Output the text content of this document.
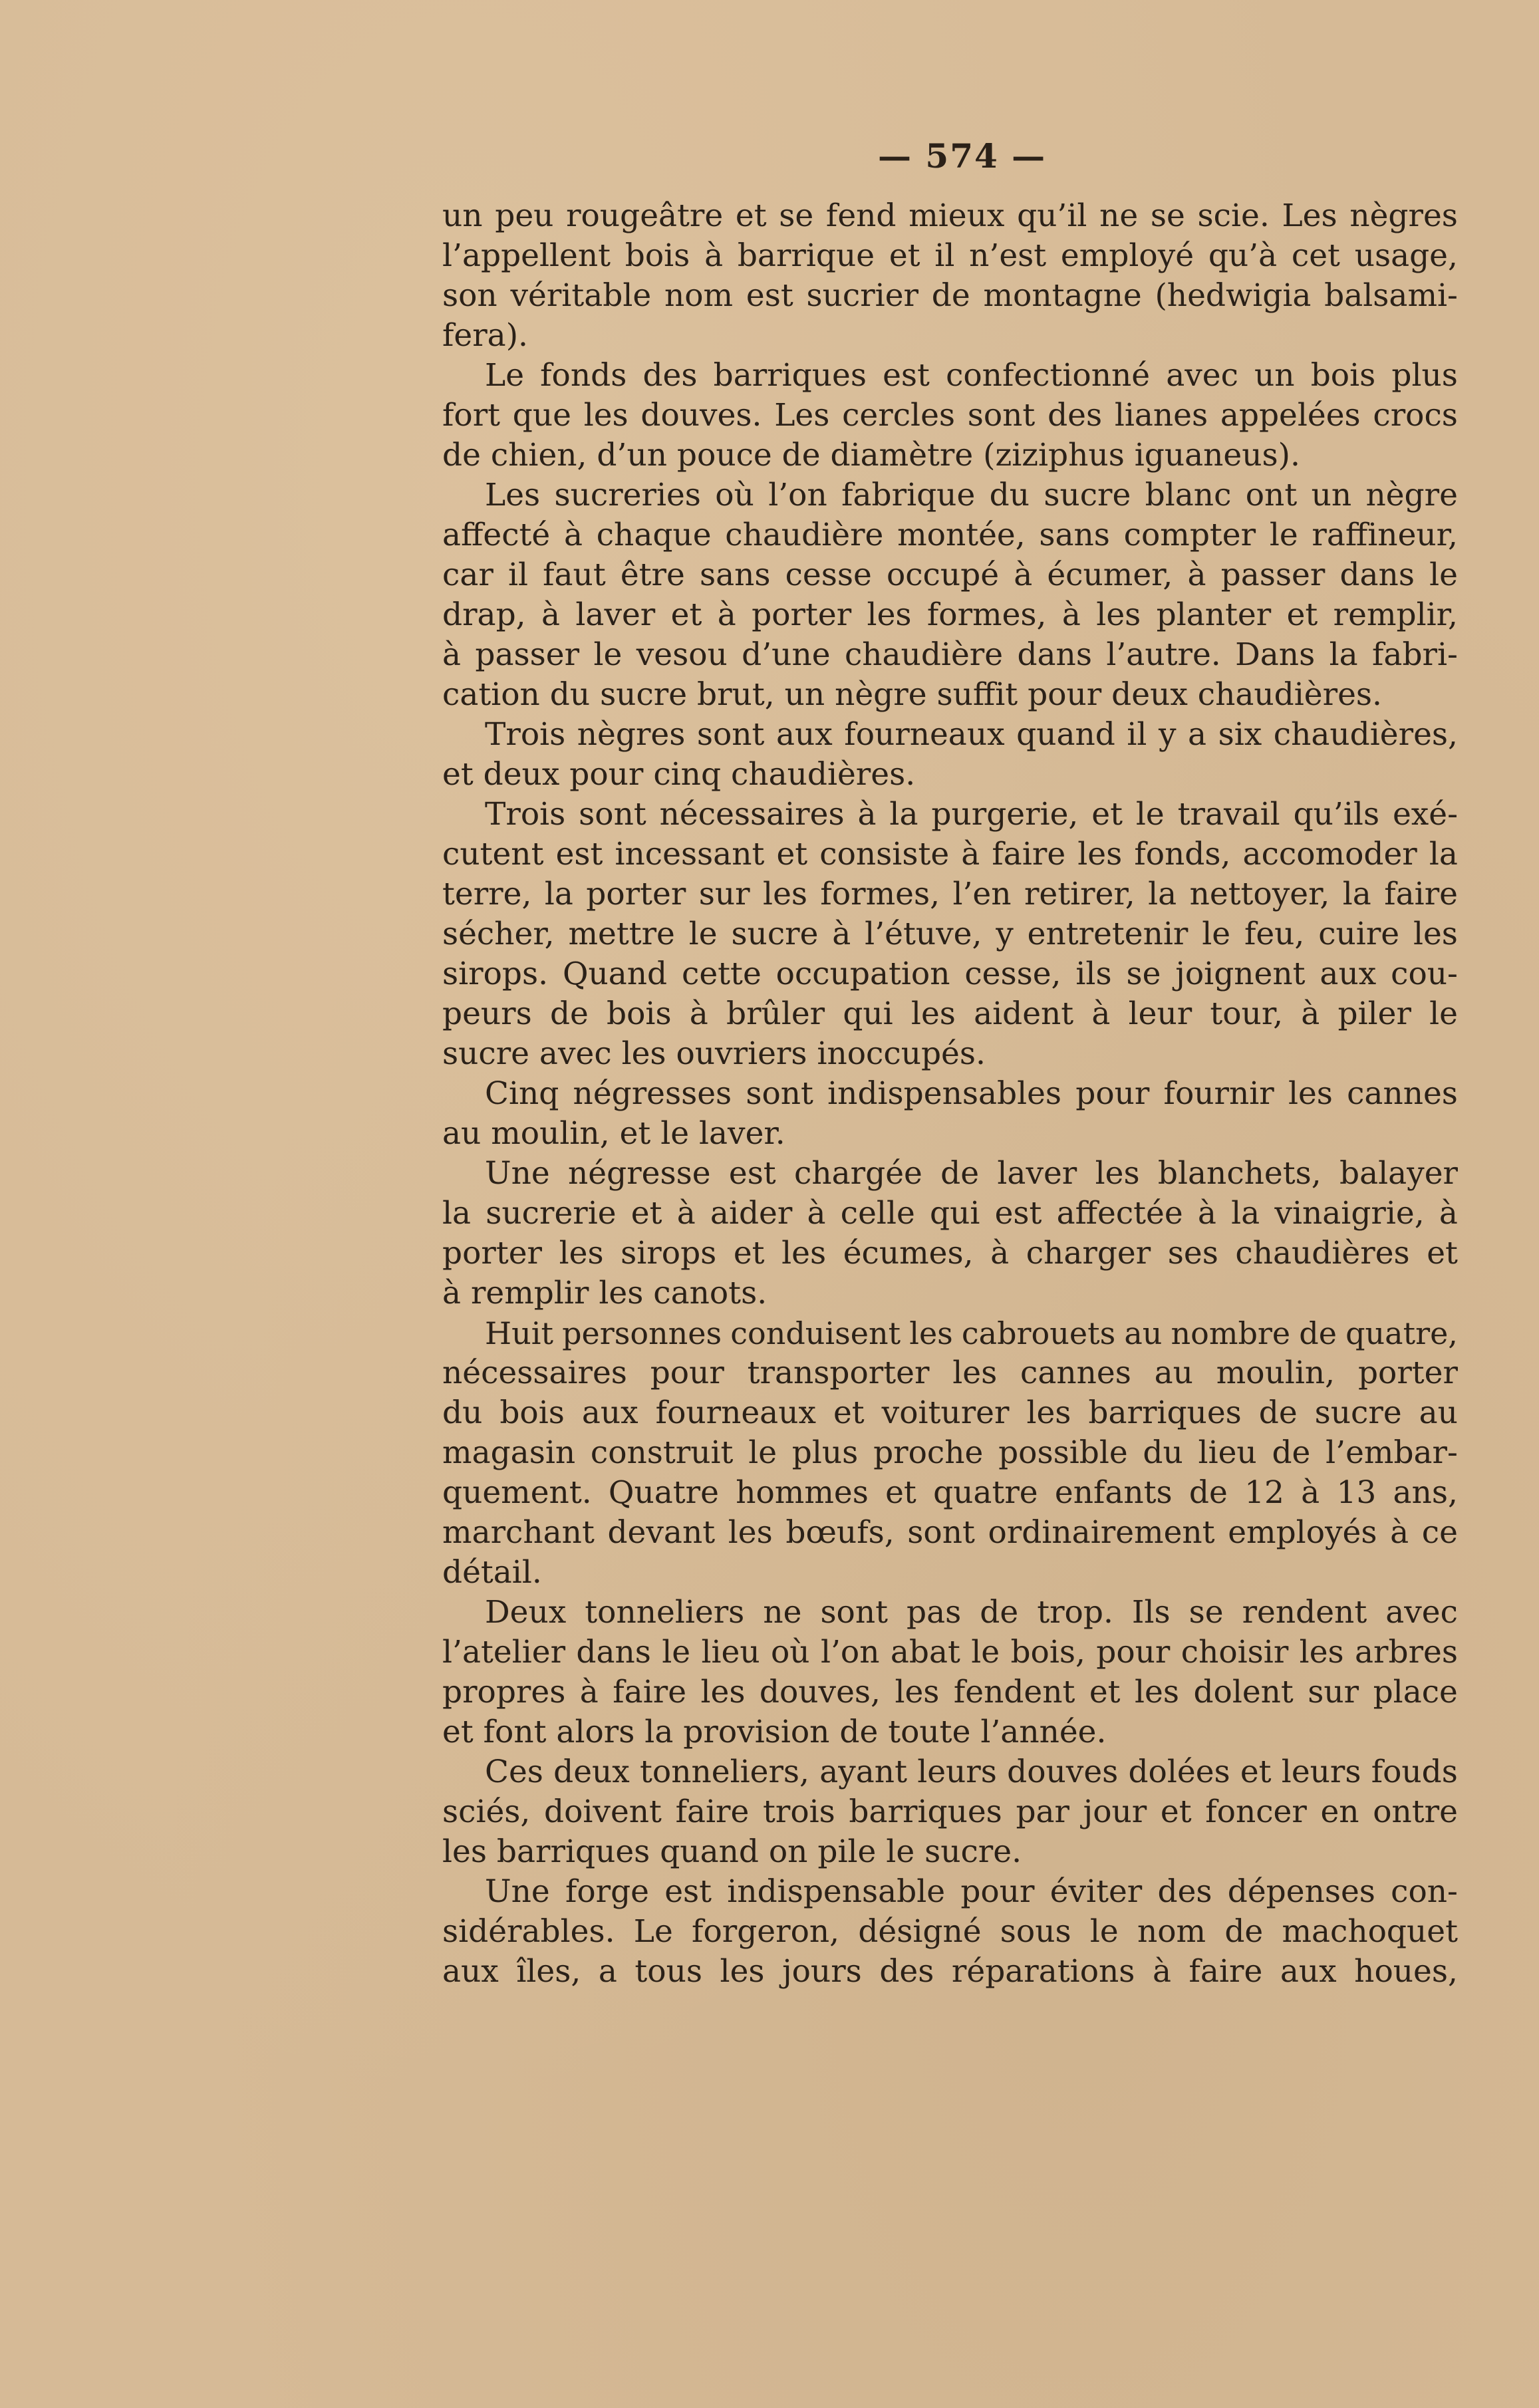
— 574 —
un peu rougeâtre et se fend mieux qu’il ne se scie. Les nègres
l’appellent bois à barrique et il n’est employé qu’à cet usage,
son véritable nom est sucrier de montagne (hedwigia balsami-
fera).
Le fonds des barriques est confectionné avec un bois plus
fort que les douves. Les cercles sont des lianes appelées crocs
de chien, d’un pouce de diamètre (ziziphus iguaneus).
Les sucreries où l’on fabrique du sucre blanc ont un nègre
affecté à chaque chaudière montée, sans compter le raffineur,
car il faut être sans cesse occupé à écumer, à passer dans le
drap, à laver et à porter les formes, à les planter et remplir,
à passer le vesou d’une chaudière dans l’autre. Dans la fabri-
cation du sucre brut, un nègre suffit pour deux chaudières.
Trois nègres sont aux fourneaux quand il y a six chaudières,
et deux pour cinq chaudières.
Trois sont nécessaires à la purgerie, et le travail qu’ils exé-
cutent est incessant et consiste à faire les fonds, accomoder la
terre, la porter sur les formes, l’en retirer, la nettoyer, la faire
sécher, mettre le sucre à l’étuve, y entretenir le feu, cuire les
sirops. Quand cette occupation cesse, ils se joignent aux cou-
peurs de bois à brûler qui les aident à leur tour, à piler le
sucre avec les ouvriers inoccupés.
Cinq négresses sont indispensables pour fournir les cannes
au moulin, et le laver.
Une négresse est chargée de laver les blanchets, balayer
la sucrerie et à aider à celle qui est affectée à la vinaigrie, à
porter les sirops et les écumes, à charger ses chaudières et
à remplir les canots.
Huit personnes conduisent les cabrouets au nombre de quatre,
nécessaires pour transporter les cannes au moulin, porter
du bois aux fourneaux et voiturer les barriques de sucre au
magasin construit le plus proche possible du lieu de l’embar-
quement. Quatre hommes et quatre enfants de 12 à 13 ans,
marchant devant les bœufs, sont ordinairement employés à ce
détail.
Deux tonneliers ne sont pas de trop. Ils se rendent avec
l’atelier dans le lieu où l’on abat le bois, pour choisir les arbres
propres à faire les douves, les fendent et les dolent sur place
et font alors la provision de toute l’année.
Ces deux tonneliers, ayant leurs douves dolées et leurs fouds
sciés, doivent faire trois barriques par jour et foncer en ontre
les barriques quand on pile le sucre.
Une forge est indispensable pour éviter des dépenses con-
sidérables. Le forgeron, désigné sous le nom de machoquet
aux îles, a tous les jours des réparations à faire aux houes,
